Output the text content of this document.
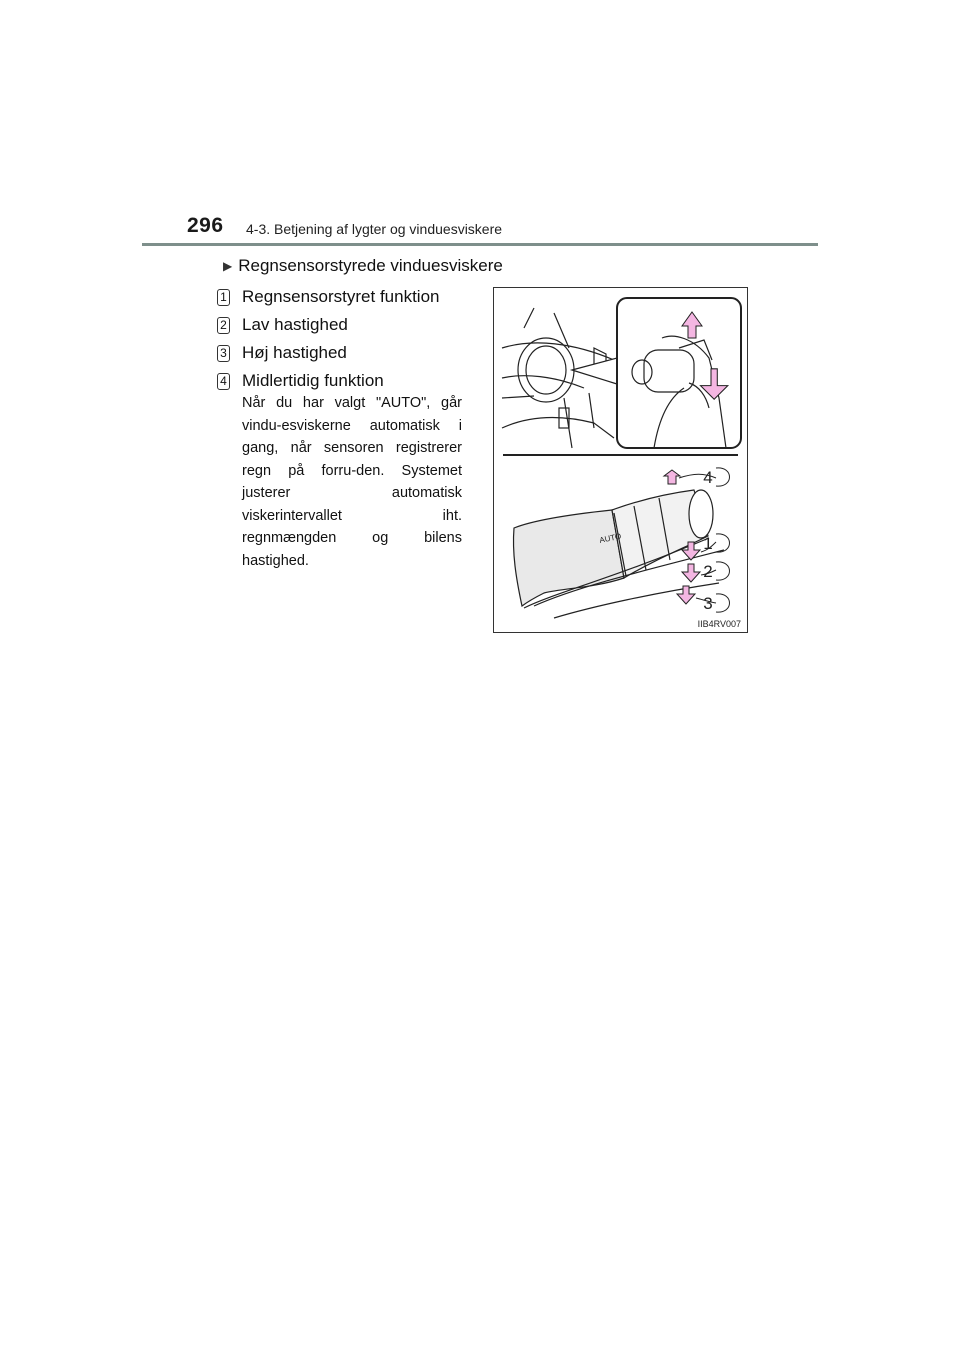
296 4-3. Betjening af lygter og vinduesviskere
▶ Regnsensorstyrede vinduesviskere
1 Regnsensorstyret funktion
2 Lav hastighed
3 Høj hastighed
4 Midlertidig funktion
Når du har valgt "AUTO", går vindu-esviskerne automatisk i gang, når sensoren registrerer regn på forru-den. Systemet justerer automatisk viskerintervallet iht. regnmængden og bilens hastighed.
AUTO
4
1
2
3
IIB4RV007
